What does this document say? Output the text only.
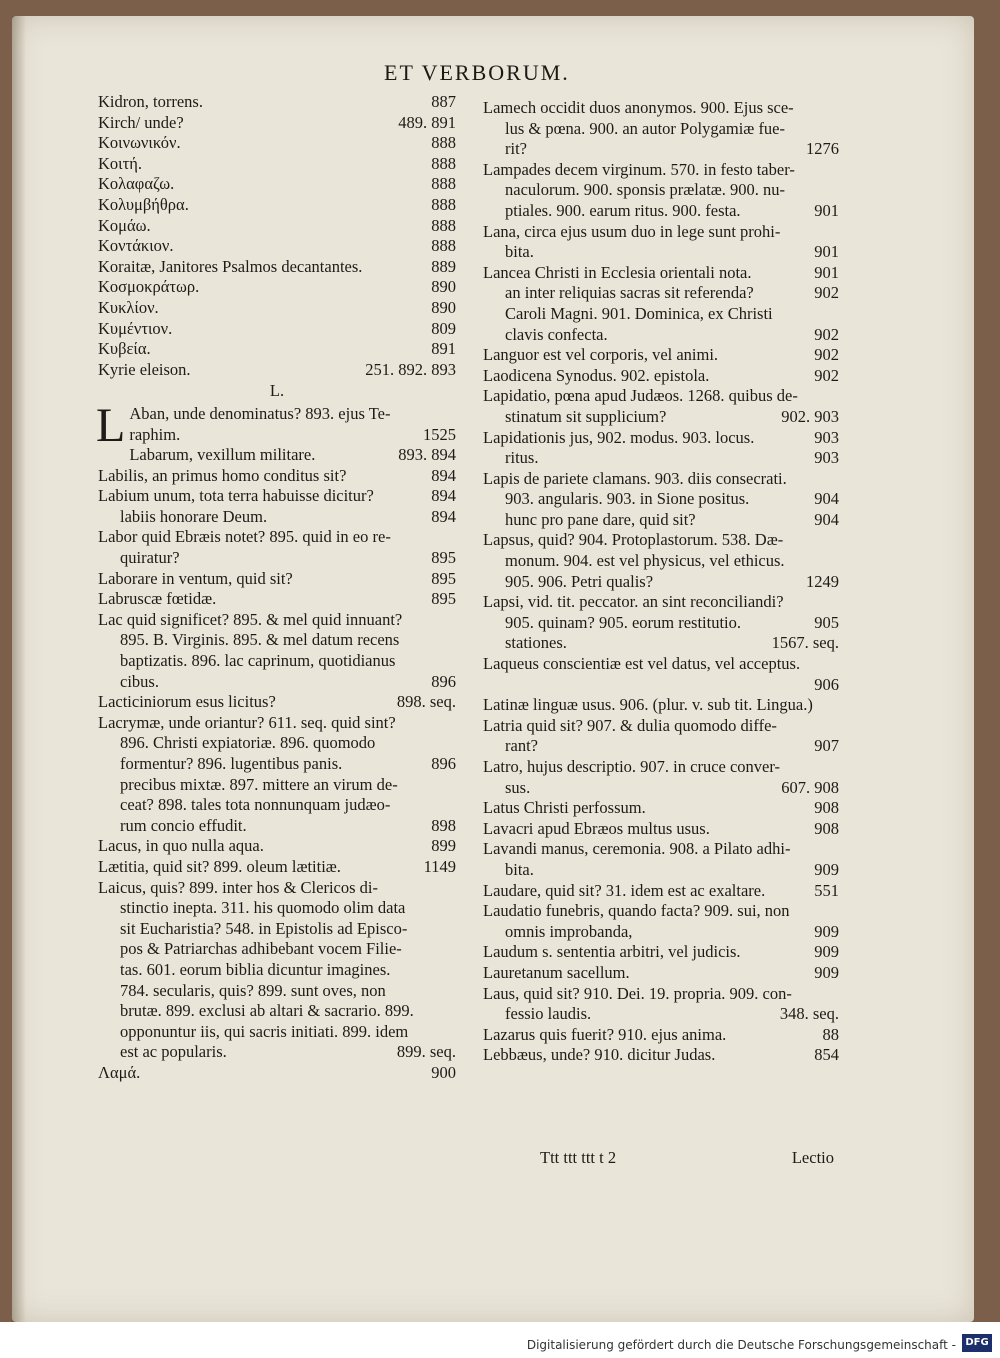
ET VERBORUM.
Kidron, torrens.	887
Kirch/ unde?	489. 891
Κοινωνικόν.	888
Κοιτή.	888
Κολαφαζω.	888
Κολυμβήθρα.	888
Κομάω.	888
Κοντάκιον.	888
Koraitæ, Janitores Psalmos decantantes.	889
Κοσμοκράτωρ.	890
Κυκλίον.	890
Κυμέντιον.	809
Κυβεία.	891
Kyrie eleison.	251. 892. 893
L.
L Aban, unde denominatus? 893. ejus Te-
raphim.	1525
Labarum, vexillum militare.	893. 894
Labilis, an primus homo conditus sit?	894
Labium unum, tota terra habuisse dicitur?	894
labiis honorare Deum.	894
Labor quid Ebræis notet? 895. quid in eo re-
quiratur?	895
Laborare in ventum, quid sit?	895
Labruscæ fœtidæ.	895
Lac quid significet? 895. & mel quid innuant?
895. B. Virginis. 895. & mel datum recens
baptizatis. 896. lac caprinum, quotidianus
cibus.	896
Lacticiniorum esus licitus?	898. seq.
Lacrymæ, unde oriantur? 611. seq. quid sint?
896. Christi expiatoriæ. 896. quomodo
formentur? 896. lugentibus panis.	896
precibus mixtæ. 897. mittere an virum de-
ceat? 898. tales tota nonnunquam judæo-
rum concio effudit.	898
Lacus, in quo nulla aqua.	899
Lætitia, quid sit? 899. oleum lætitiæ.	1149
Laicus, quis? 899. inter hos & Clericos di-
stinctio inepta. 311. his quomodo olim data
sit Eucharistia? 548. in Epistolis ad Episco-
pos & Patriarchas adhibebant vocem Filie-
tas. 601. eorum biblia dicuntur imagines.
784. secularis, quis? 899. sunt oves, non
brutæ. 899. exclusi ab altari & sacrario. 899.
opponuntur iis, qui sacris initiati. 899. idem
est ac popularis.	899. seq.
Λαμά.	900
Lamech occidit duos anonymos. 900. Ejus sce-
lus & pœna. 900. an autor Polygamiæ fue-
rit?	1276
Lampades decem virginum. 570. in festo taber-
naculorum. 900. sponsis prælatæ. 900. nu-
ptiales. 900. earum ritus. 900. festa.	901
Lana, circa ejus usum duo in lege sunt prohi-
bita.	901
Lancea Christi in Ecclesia orientali nota.	901
an inter reliquias sacras sit referenda?	902
Caroli Magni. 901. Dominica, ex Christi
clavis confecta.	902
Languor est vel corporis, vel animi.	902
Laodicena Synodus. 902. epistola.	902
Lapidatio, pœna apud Judæos. 1268. quibus de-
stinatum sit supplicium?	902. 903
Lapidationis jus, 902. modus. 903. locus.	903
ritus.	903
Lapis de pariete clamans. 903. diis consecrati.
903. angularis. 903. in Sione positus.	904
hunc pro pane dare, quid sit?	904
Lapsus, quid? 904. Protoplastorum. 538. Dæ-
monum. 904. est vel physicus, vel ethicus.
905. 906. Petri qualis?	1249
Lapsi, vid. tit. peccator. an sint reconciliandi?
905. quinam? 905. eorum restitutio.	905
stationes.	1567. seq.
Laqueus conscientiæ est vel datus, vel acceptus.
906
Latinæ linguæ usus. 906. (plur. v. sub tit. Lingua.)
Latria quid sit? 907. & dulia quomodo diffe-
rant?	907
Latro, hujus descriptio. 907. in cruce conver-
sus.	607. 908
Latus Christi perfossum.	908
Lavacri apud Ebræos multus usus.	908
Lavandi manus, ceremonia. 908. a Pilato adhi-
bita.	909
Laudare, quid sit? 31. idem est ac exaltare.	551
Laudatio funebris, quando facta? 909. sui, non
omnis improbanda,	909
Laudum s. sententia arbitri, vel judicis.	909
Lauretanum sacellum.	909
Laus, quid sit? 910. Dei. 19. propria. 909. con-
fessio laudis.	348. seq.
Lazarus quis fuerit? 910. ejus anima.	88
Lebbæus, unde? 910. dicitur Judas.	854
Ttt ttt ttt t 2	Lectio
Digitalisierung gefördert durch die Deutsche Forschungsgemeinschaft - DFG
